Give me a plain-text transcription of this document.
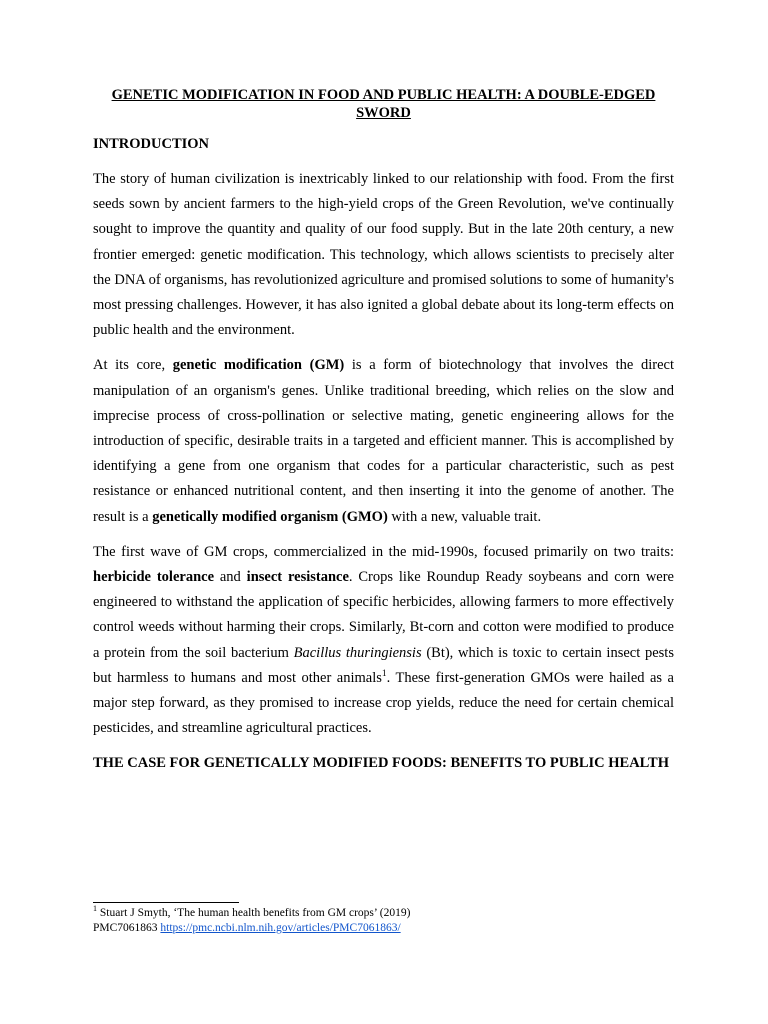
GENETIC MODIFICATION IN FOOD AND PUBLIC HEALTH: A DOUBLE-EDGED SWORD
INTRODUCTION

The story of human civilization is inextricably linked to our relationship with food. From the first seeds sown by ancient farmers to the high-yield crops of the Green Revolution, we've continually sought to improve the quantity and quality of our food supply. But in the late 20th century, a new frontier emerged: genetic modification. This technology, which allows scientists to precisely alter the DNA of organisms, has revolutionized agriculture and promised solutions to some of humanity's most pressing challenges. However, it has also ignited a global debate about its long-term effects on public health and the environment.

At its core, genetic modification (GM) is a form of biotechnology that involves the direct manipulation of an organism's genes. Unlike traditional breeding, which relies on the slow and imprecise process of cross-pollination or selective mating, genetic engineering allows for the introduction of specific, desirable traits in a targeted and efficient manner. This is accomplished by identifying a gene from one organism that codes for a particular characteristic, such as pest resistance or enhanced nutritional content, and then inserting it into the genome of another. The result is a genetically modified organism (GMO) with a new, valuable trait.

The first wave of GM crops, commercialized in the mid-1990s, focused primarily on two traits: herbicide tolerance and insect resistance. Crops like Roundup Ready soybeans and corn were engineered to withstand the application of specific herbicides, allowing farmers to more effectively control weeds without harming their crops. Similarly, Bt-corn and cotton were modified to produce a protein from the soil bacterium Bacillus thuringiensis (Bt), which is toxic to certain insect pests but harmless to humans and most other animals$^1$. These first-generation GMOs were hailed as a major step forward, as they promised to increase crop yields, reduce the need for certain chemical pesticides, and streamline agricultural practices.

THE CASE FOR GENETICALLY MODIFIED FOODS: BENEFITS TO PUBLIC HEALTH

$^1$ Stuart J Smyth, ‘The human health benefits from GM crops’ (2019)
PMC7061863 https://pmc.ncbi.nlm.nih.gov/articles/PMC7061863/
